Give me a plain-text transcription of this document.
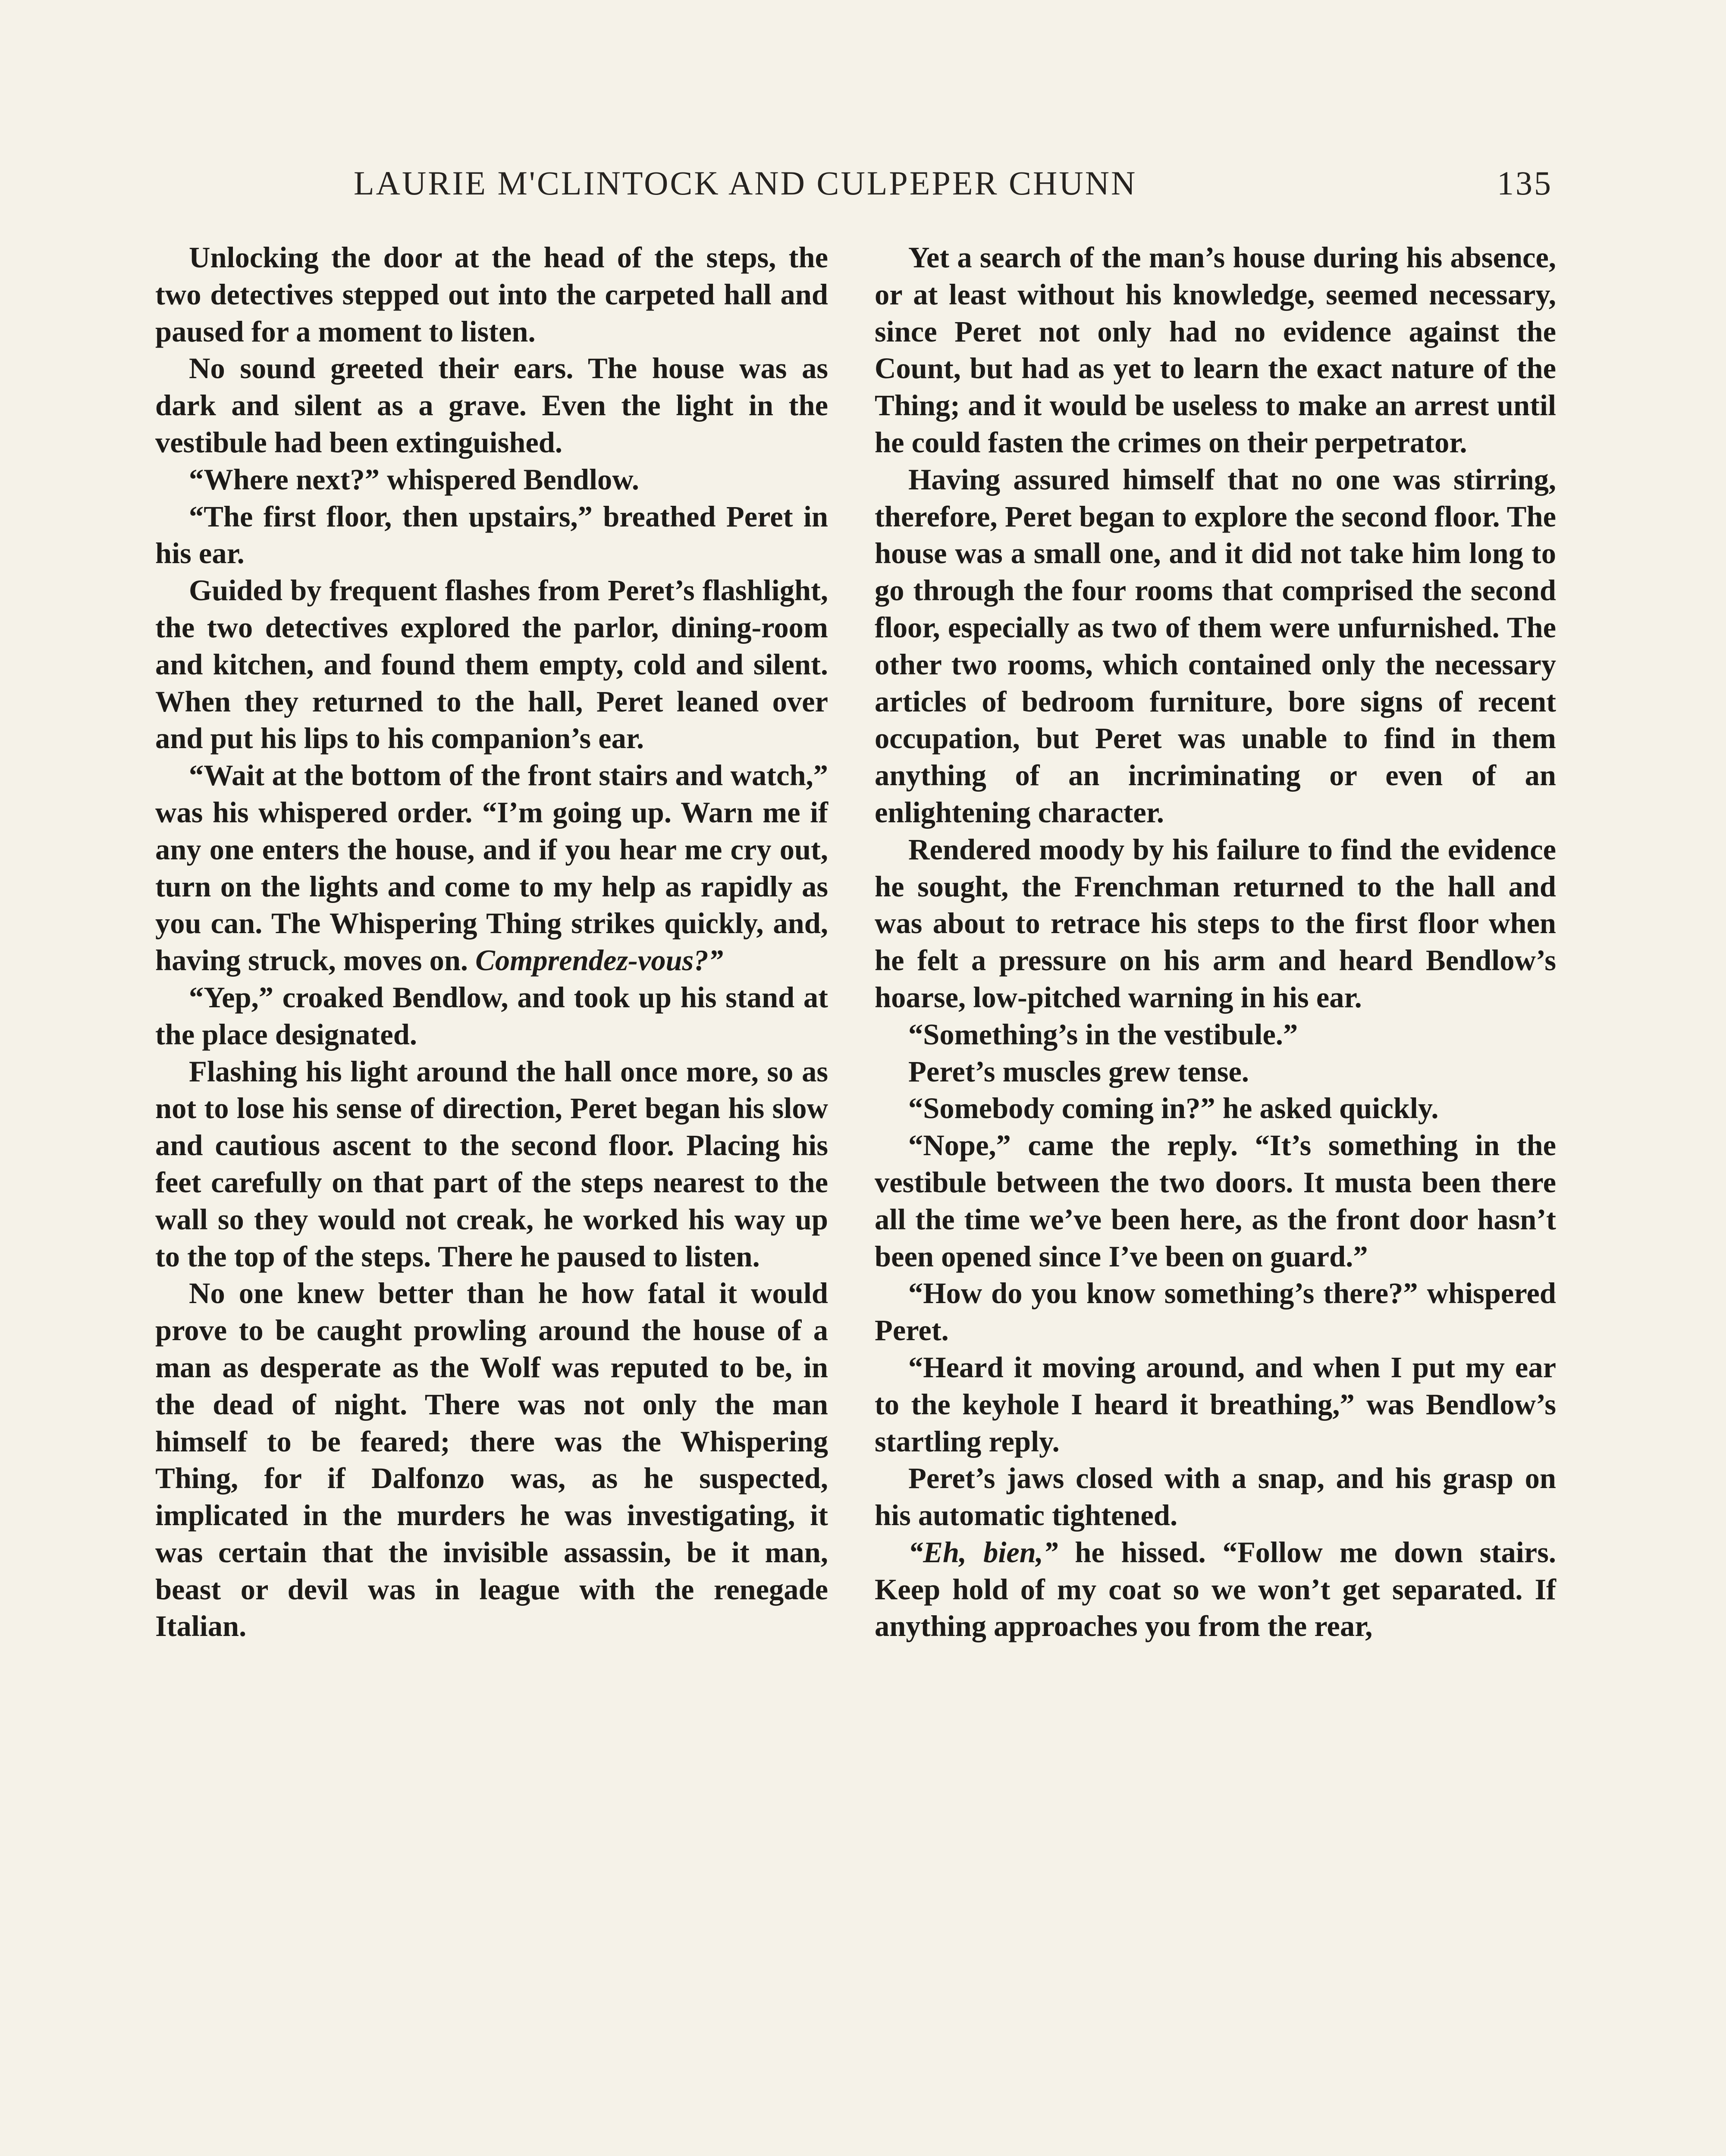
LAURIE M'CLINTOCK AND CULPEPER CHUNN	135

Unlocking the door at the head of the steps, the two detectives stepped out into the carpeted hall and paused for a moment to listen.

No sound greeted their ears. The house was as dark and silent as a grave. Even the light in the vestibule had been extinguished.

“Where next?” whispered Bendlow.

“The first floor, then upstairs,” breathed Peret in his ear.

Guided by frequent flashes from Peret’s flashlight, the two detectives explored the parlor, dining-room and kitchen, and found them empty, cold and silent. When they returned to the hall, Peret leaned over and put his lips to his companion’s ear.

“Wait at the bottom of the front stairs and watch,” was his whispered order. “I’m going up. Warn me if any one enters the house, and if you hear me cry out, turn on the lights and come to my help as rapidly as you can. The Whispering Thing strikes quickly, and, having struck, moves on. Comprendez-vous?”

“Yep,” croaked Bendlow, and took up his stand at the place designated.

Flashing his light around the hall once more, so as not to lose his sense of direction, Peret began his slow and cautious ascent to the second floor. Placing his feet carefully on that part of the steps nearest to the wall so they would not creak, he worked his way up to the top of the steps. There he paused to listen.

No one knew better than he how fatal it would prove to be caught prowling around the house of a man as desperate as the Wolf was reputed to be, in the dead of night. There was not only the man himself to be feared; there was the Whispering Thing, for if Dalfonzo was, as he suspected, implicated in the murders he was investigating, it was certain that the invisible assassin, be it man, beast or devil was in league with the renegade Italian.

Yet a search of the man’s house during his absence, or at least without his knowledge, seemed necessary, since Peret not only had no evidence against the Count, but had as yet to learn the exact nature of the Thing; and it would be useless to make an arrest until he could fasten the crimes on their perpetrator.

Having assured himself that no one was stirring, therefore, Peret began to explore the second floor. The house was a small one, and it did not take him long to go through the four rooms that comprised the second floor, especially as two of them were unfurnished. The other two rooms, which contained only the necessary articles of bedroom furniture, bore signs of recent occupation, but Peret was unable to find in them anything of an incriminating or even of an enlightening character.

Rendered moody by his failure to find the evidence he sought, the Frenchman returned to the hall and was about to retrace his steps to the first floor when he felt a pressure on his arm and heard Bendlow’s hoarse, low-pitched warning in his ear.

“Something’s in the vestibule.”

Peret’s muscles grew tense.

“Somebody coming in?” he asked quickly.

“Nope,” came the reply. “It’s something in the vestibule between the two doors. It musta been there all the time we’ve been here, as the front door hasn’t been opened since I’ve been on guard.”

“How do you know something’s there?” whispered Peret.

“Heard it moving around, and when I put my ear to the keyhole I heard it breathing,” was Bendlow’s startling reply.

Peret’s jaws closed with a snap, and his grasp on his automatic tightened.

“Eh, bien,” he hissed. “Follow me down stairs. Keep hold of my coat so we won’t get separated. If anything approaches you from the rear,
